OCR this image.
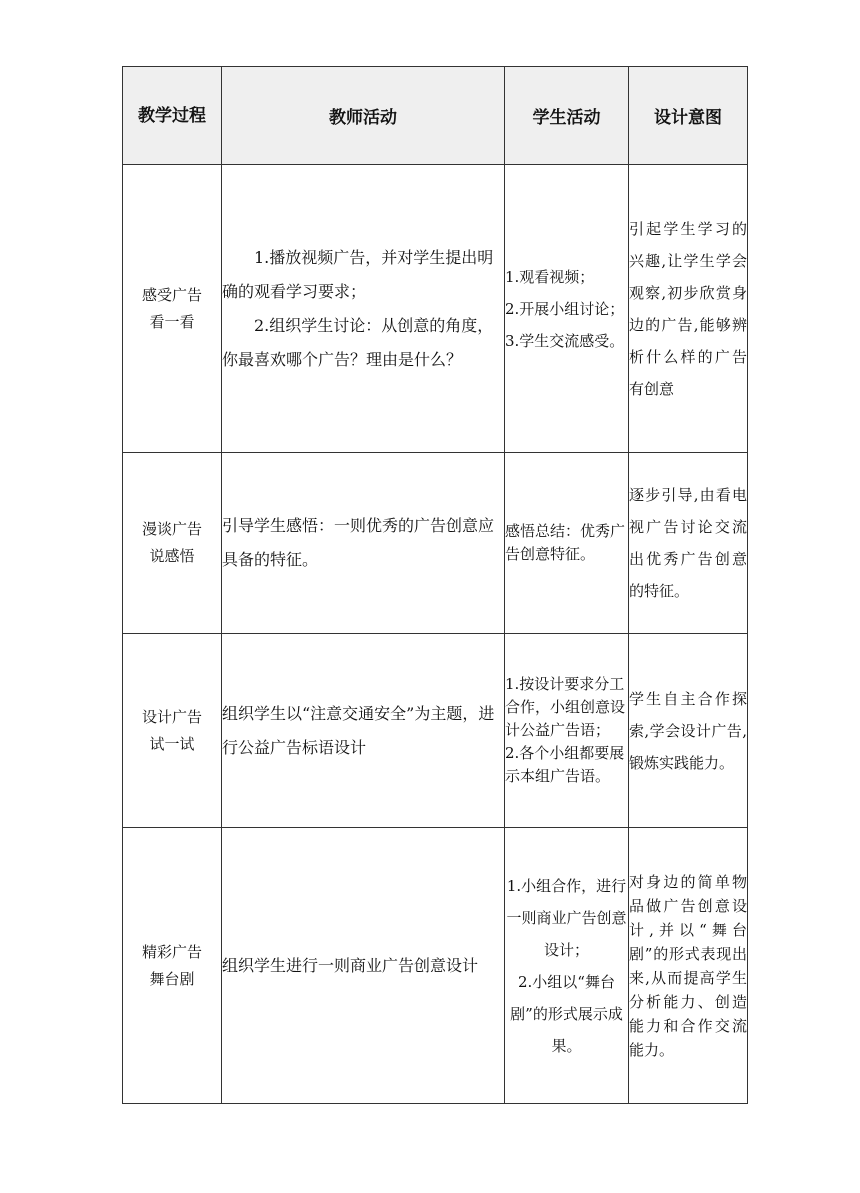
教学过程	教师活动	学生活动	设计意图

感受广告
看一看	1.播放视频广告，并对学生提出明确的观看学习要求；
2.组织学生讨论：从创意的角度，你最喜欢哪个广告？理由是什么？	1.观看视频；
2.开展小组讨论；
3.学生交流感受。	引起学生学习的兴趣,让学生学会观察,初步欣赏身边的广告,能够辨析什么样的广告有创意

漫谈广告
说感悟	引导学生感悟：一则优秀的广告创意应具备的特征。	感悟总结：优秀广告创意特征。	逐步引导,由看电视广告讨论交流出优秀广告创意的特征。

设计广告
试一试	组织学生以“注意交通安全”为主题，进行公益广告标语设计	1.按设计要求分工合作，小组创意设计公益广告语；
2.各个小组都要展示本组广告语。	学生自主合作探索,学会设计广告,锻炼实践能力。

精彩广告
舞台剧	组织学生进行一则商业广告创意设计	1.小组合作，进行一则商业广告创意设计；
2.小组以“舞台剧”的形式展示成果。	对身边的简单物品做广告创意设计,并以“舞台剧”的形式表现出来,从而提高学生分析能力、创造能力和合作交流能力。
